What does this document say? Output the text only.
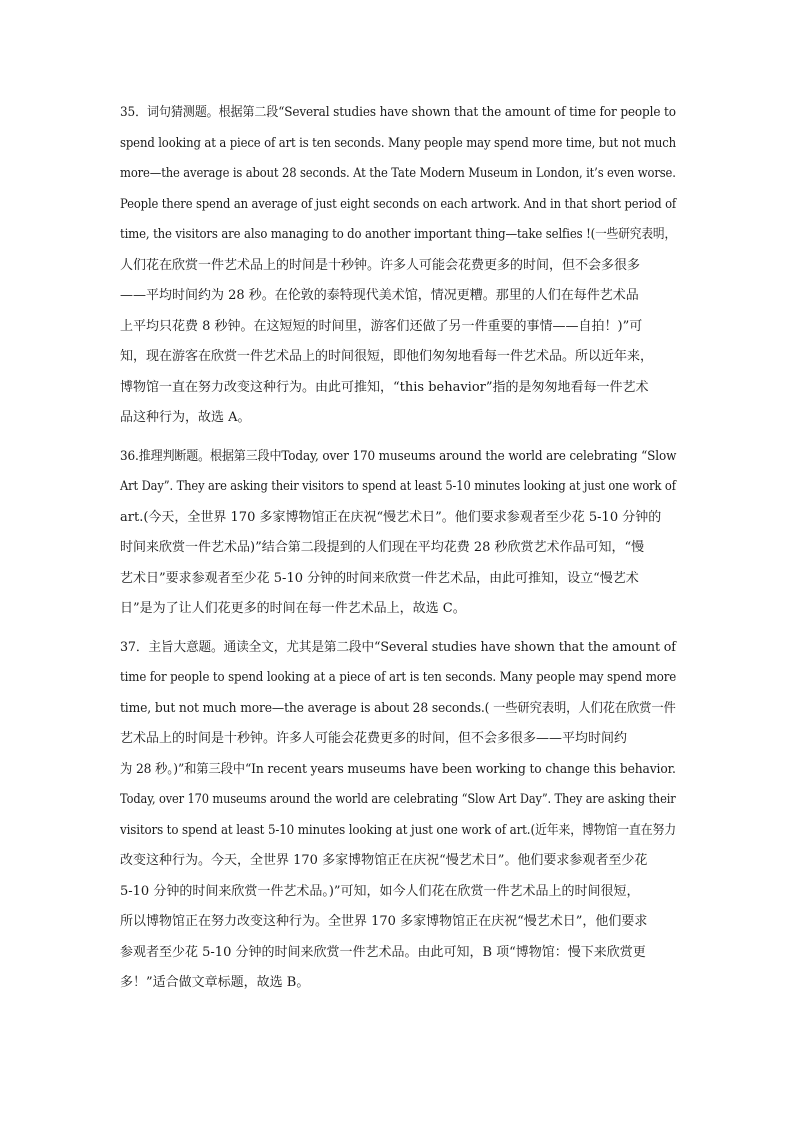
35．词句猜测题。根据第二段“Several studies have shown that the amount of time for people to
spend looking at a piece of art is ten seconds. Many people may spend more time, but not much
more—the average is about 28 seconds. At the Tate Modern Museum in London, it’s even worse.
People there spend an average of just eight seconds on each artwork. And in that short period of
time, the visitors are also managing to do another important thing—take selfies !(一些研究表明，
人们花在欣赏一件艺术品上的时间是十秒钟。许多人可能会花费更多的时间，但不会多很多
——平均时间约为 28 秒。在伦敦的泰特现代美术馆，情况更糟。那里的人们在每件艺术品
上平均只花费 8 秒钟。在这短短的时间里，游客们还做了另一件重要的事情——自拍！)”可
知，现在游客在欣赏一件艺术品上的时间很短，即他们匆匆地看每一件艺术品。所以近年来，
博物馆一直在努力改变这种行为。由此可推知，“this behavior”指的是匆匆地看每一件艺术
品这种行为，故选 A。
36.推理判断题。根据第三段中Today, over 170 museums around the world are celebrating “Slow
Art Day”. They are asking their visitors to spend at least 5-10 minutes looking at just one work of
art.(今天，全世界 170 多家博物馆正在庆祝“慢艺术日”。他们要求参观者至少花 5-10 分钟的
时间来欣赏一件艺术品)”结合第二段提到的人们现在平均花费 28 秒欣赏艺术作品可知，“慢
艺术日”要求参观者至少花 5-10 分钟的时间来欣赏一件艺术品，由此可推知，设立“慢艺术
日”是为了让人们花更多的时间在每一件艺术品上，故选 C。
37．主旨大意题。通读全文，尤其是第二段中“Several studies have shown that the amount of
time for people to spend looking at a piece of art is ten seconds. Many people may spend more
time, but not much more—the average is about 28 seconds.( 一些研究表明，人们花在欣赏一件
艺术品上的时间是十秒钟。许多人可能会花费更多的时间，但不会多很多——平均时间约
为 28 秒。)”和第三段中“In recent years museums have been working to change this behavior.
Today, over 170 museums around the world are celebrating “Slow Art Day”. They are asking their
visitors to spend at least 5-10 minutes looking at just one work of art.(近年来，博物馆一直在努力
改变这种行为。今天，全世界 170 多家博物馆正在庆祝“慢艺术日”。他们要求参观者至少花
5-10 分钟的时间来欣赏一件艺术品。)”可知，如今人们花在欣赏一件艺术品上的时间很短，
所以博物馆正在努力改变这种行为。全世界 170 多家博物馆正在庆祝“慢艺术日”，他们要求
参观者至少花 5-10 分钟的时间来欣赏一件艺术品。由此可知，B 项“博物馆：慢下来欣赏更
多！”适合做文章标题，故选 B。
